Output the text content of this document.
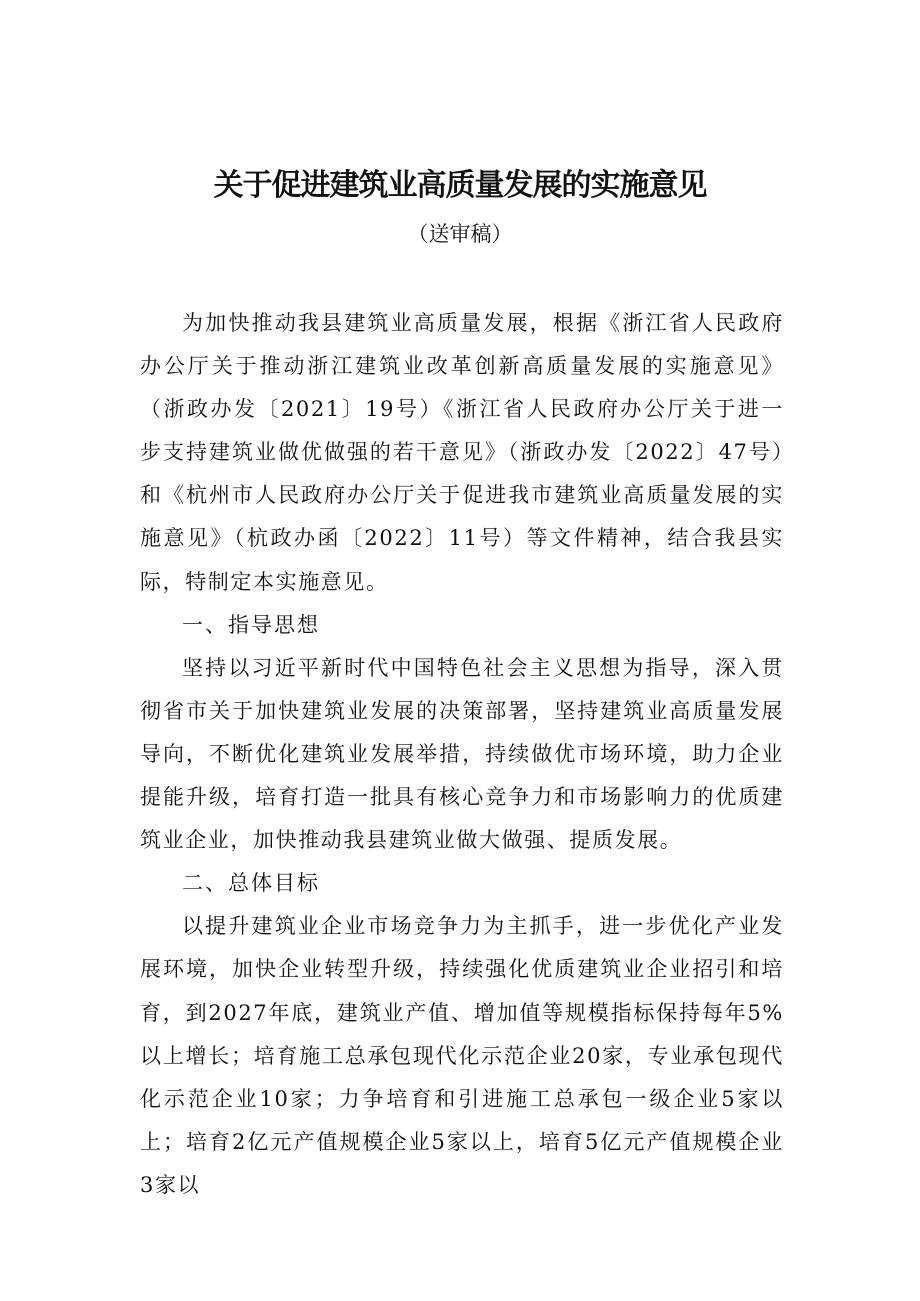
关于促进建筑业高质量发展的实施意见
（送审稿）

为加快推动我县建筑业高质量发展，根据《浙江省人民政府办公厅关于推动浙江建筑业改革创新高质量发展的实施意见》（浙政办发〔2021〕19号）《浙江省人民政府办公厅关于进一步支持建筑业做优做强的若干意见》（浙政办发〔2022〕47号）和《杭州市人民政府办公厅关于促进我市建筑业高质量发展的实施意见》（杭政办函〔2022〕11号）等文件精神，结合我县实际，特制定本实施意见。

一、指导思想

坚持以习近平新时代中国特色社会主义思想为指导，深入贯彻省市关于加快建筑业发展的决策部署，坚持建筑业高质量发展导向，不断优化建筑业发展举措，持续做优市场环境，助力企业提能升级，培育打造一批具有核心竞争力和市场影响力的优质建筑业企业，加快推动我县建筑业做大做强、提质发展。

二、总体目标

以提升建筑业企业市场竞争力为主抓手，进一步优化产业发展环境，加快企业转型升级，持续强化优质建筑业企业招引和培育，到2027年底，建筑业产值、增加值等规模指标保持每年5%以上增长；培育施工总承包现代化示范企业20家，专业承包现代化示范企业10家；力争培育和引进施工总承包一级企业5家以上；培育2亿元产值规模企业5家以上，培育5亿元产值规模企业3家以
